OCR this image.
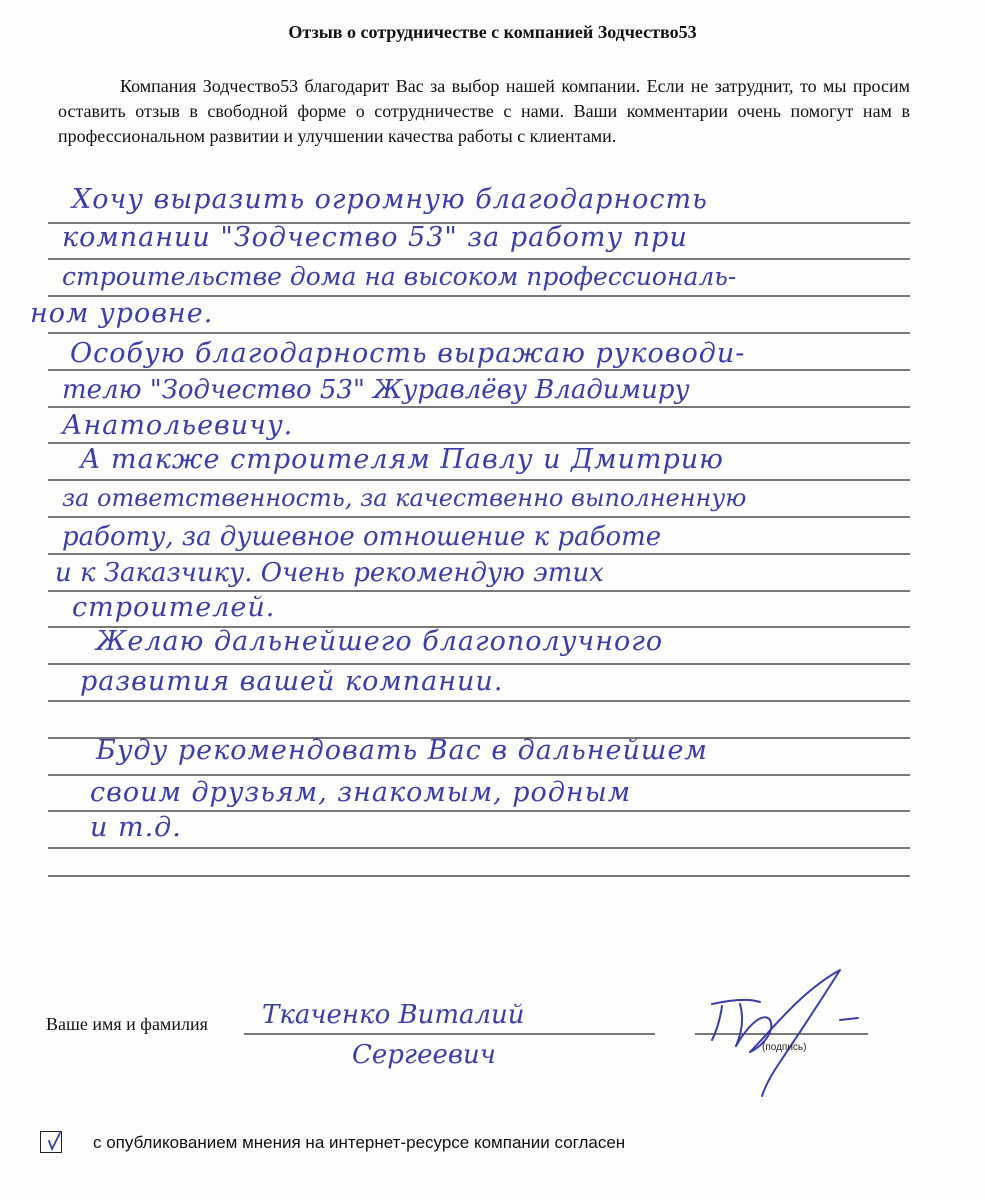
Отзыв о сотрудничестве с компанией Зодчество53
Компания Зодчество53 благодарит Вас за выбор нашей компании. Если не затруднит, то мы просим оставить отзыв в свободной форме о сотрудничестве с нами. Ваши комментарии очень помогут нам в профессиональном развитии и улучшении качества работы с клиентами.
Хочу выразить огромную благодарность
компании "Зодчество 53" за работу при
строительстве дома на высоком профессиональ-
ном уровне.
Особую благодарность выражаю руководи-
телю "Зодчество 53" Журавлёву Владимиру
Анатольевичу.
А также строителям Павлу и Дмитрию
за ответственность, за качественно выполненную
работу, за душевное отношение к работе
и к Заказчику. Очень рекомендую этих
строителей.
Желаю дальнейшего благополучного
развития вашей компании.
Буду рекомендовать Вас в дальнейшем
своим друзьям, знакомым, родным
и т.д.
Ваше имя и фамилия Ткаченко Виталий
Сергеевич	(подпись)
с опубликованием мнения на интернет-ресурсе компании согласен
